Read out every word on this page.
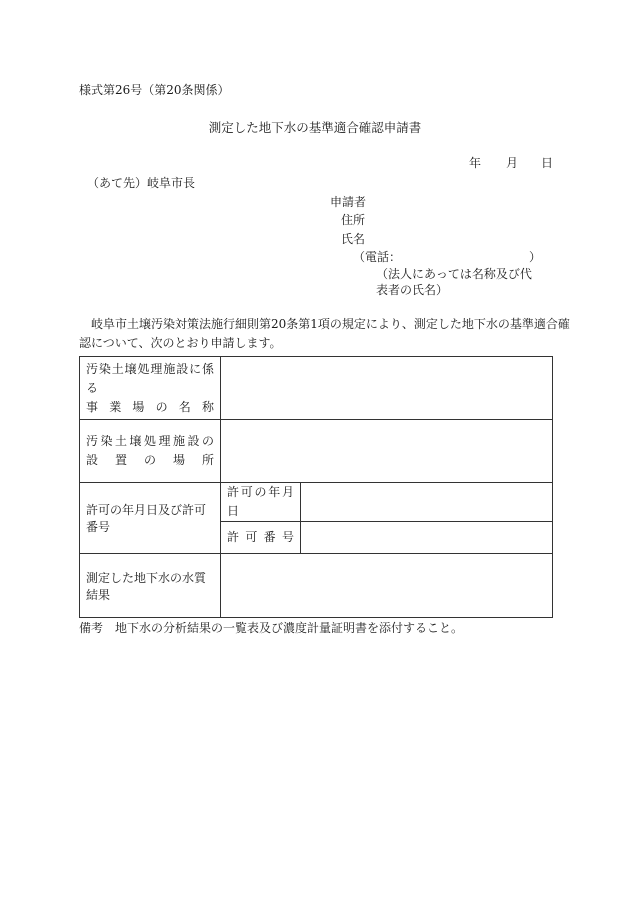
様式第26号（第20条関係）
測定した地下水の基準適合確認申請書
年 月 日
（あて先）岐阜市長
申請者
住所
氏名
（電話：	）
（法人にあっては名称及び代
表者の氏名）
岐阜市土壌汚染対策法施行細則第20条第1項の規定により、測定した地下水の基準適合確
認について、次のとおり申請します。
汚染土壌処理施設に係る
事業場の名称		

汚染土壌処理施設の
設置の場所		

許可の年月日及び許可番号	許可の年月日	

	許可番号	

測定した地下水の水質結果		
備考　地下水の分析結果の一覧表及び濃度計量証明書を添付すること。
